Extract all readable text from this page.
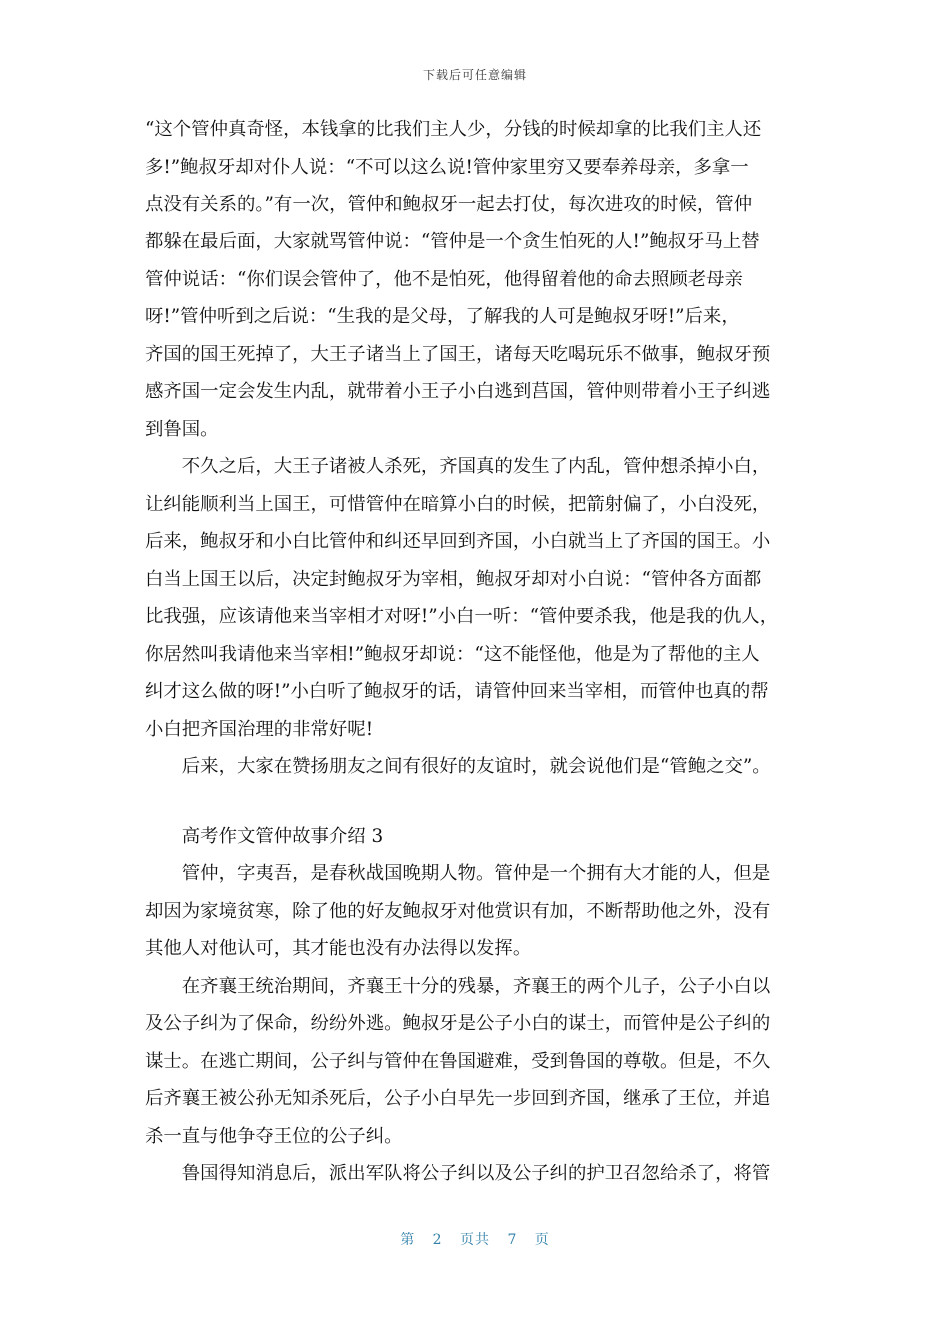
下载后可任意编辑
“这个管仲真奇怪，本钱拿的比我们主人少，分钱的时候却拿的比我们主人还
多!”鲍叔牙却对仆人说：“不可以这么说!管仲家里穷又要奉养母亲，多拿一
点没有关系的。”有一次，管仲和鲍叔牙一起去打仗，每次进攻的时候，管仲
都躲在最后面，大家就骂管仲说：“管仲是一个贪生怕死的人!”鲍叔牙马上替
管仲说话：“你们误会管仲了，他不是怕死，他得留着他的命去照顾老母亲
呀!”管仲听到之后说：“生我的是父母，了解我的人可是鲍叔牙呀!”后来，
齐国的国王死掉了，大王子诸当上了国王，诸每天吃喝玩乐不做事，鲍叔牙预
感齐国一定会发生内乱，就带着小王子小白逃到莒国，管仲则带着小王子纠逃
到鲁国。
　　不久之后，大王子诸被人杀死，齐国真的发生了内乱，管仲想杀掉小白，
让纠能顺利当上国王，可惜管仲在暗算小白的时候，把箭射偏了，小白没死，
后来，鲍叔牙和小白比管仲和纠还早回到齐国，小白就当上了齐国的国王。小
白当上国王以后，决定封鲍叔牙为宰相，鲍叔牙却对小白说：“管仲各方面都
比我强，应该请他来当宰相才对呀!”小白一听：“管仲要杀我，他是我的仇人，
你居然叫我请他来当宰相!”鲍叔牙却说：“这不能怪他，他是为了帮他的主人
纠才这么做的呀!”小白听了鲍叔牙的话，请管仲回来当宰相，而管仲也真的帮
小白把齐国治理的非常好呢!
　　后来，大家在赞扬朋友之间有很好的友谊时，就会说他们是“管鲍之交”。
　　高考作文管仲故事介绍 3
　　管仲，字夷吾，是春秋战国晚期人物。管仲是一个拥有大才能的人，但是
却因为家境贫寒，除了他的好友鲍叔牙对他赏识有加，不断帮助他之外，没有
其他人对他认可，其才能也没有办法得以发挥。
　　在齐襄王统治期间，齐襄王十分的残暴，齐襄王的两个儿子，公子小白以
及公子纠为了保命，纷纷外逃。鲍叔牙是公子小白的谋士，而管仲是公子纠的
谋士。在逃亡期间，公子纠与管仲在鲁国避难，受到鲁国的尊敬。但是，不久
后齐襄王被公孙无知杀死后，公子小白早先一步回到齐国，继承了王位，并追
杀一直与他争夺王位的公子纠。
　　鲁国得知消息后，派出军队将公子纠以及公子纠的护卫召忽给杀了，将管
第 2 页共 7 页
